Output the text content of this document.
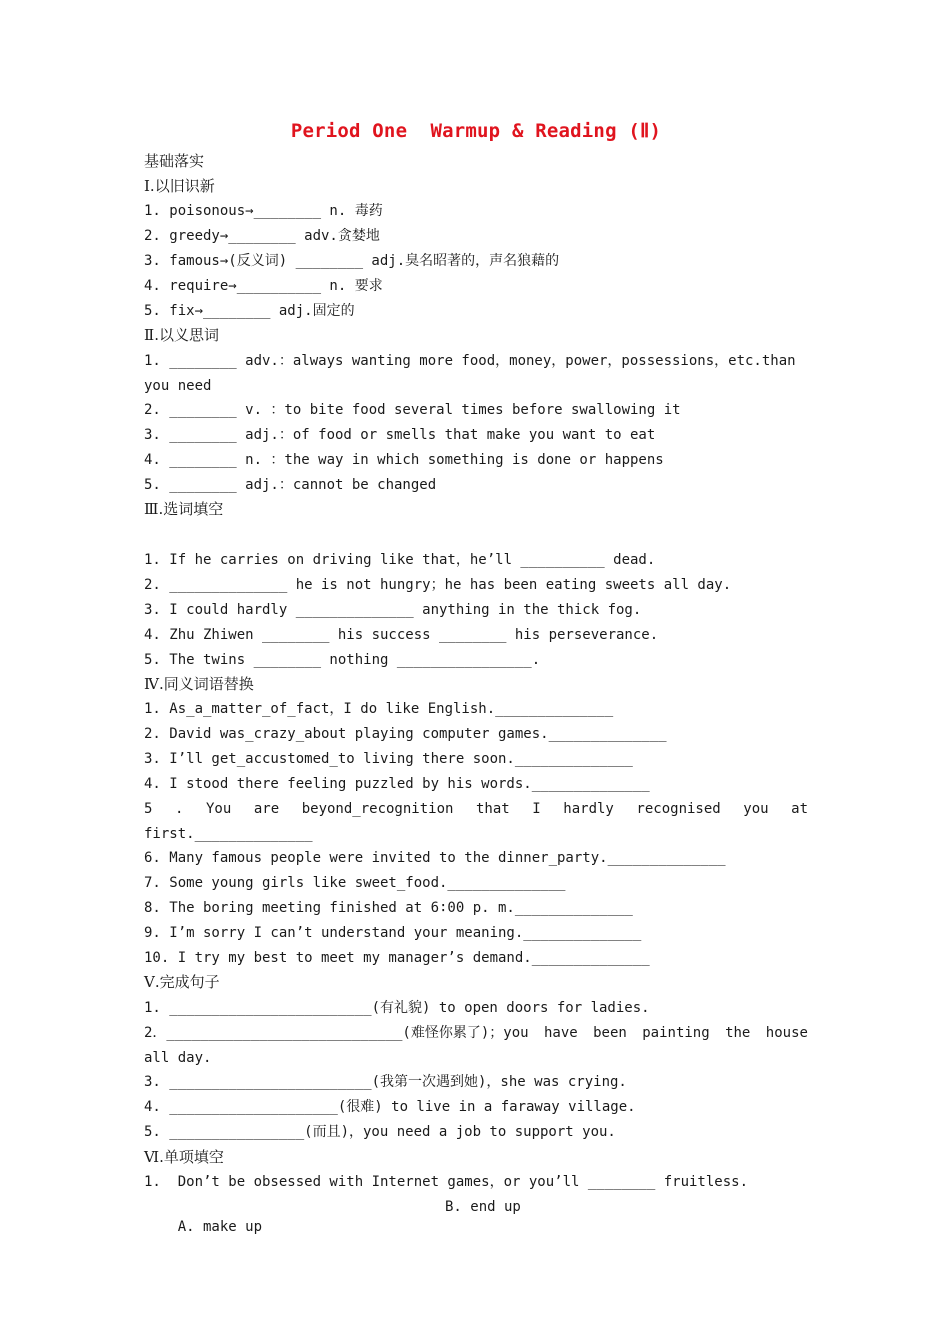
Period One  Warmup & Reading (Ⅱ)
基础落实
Ⅰ.以旧识新
1. poisonous→________ n. 毒药
2. greedy→________ adv.贪婪地
3. famous→(反义词) ________ adj.臭名昭著的，声名狼藉的
4. require→__________ n. 要求
5. fix→________ adj.固定的
Ⅱ.以义思词
1. ________ adv.：always wanting more food，money，power，possessions，etc.than
you need
2. ________ v. ：to bite food several times before swallowing it
3. ________ adj.：of food or smells that make you want to eat
4. ________ n. ：the way in which something is done or happens
5. ________ adj.：cannot be changed
Ⅲ.选词填空
1. If he carries on driving like that，he’ll __________ dead.
2. ______________ he is not hungry；he has been eating sweets all day.
3. I could hardly ______________ anything in the thick fog.
4. Zhu Zhiwen ________ his success ________ his perseverance.
5. The twins ________ nothing ________________.
Ⅳ.同义词语替换
1. As_a_matter_of_fact，I do like English.______________
2. David was_crazy_about playing computer games.______________
3. I’ll get_accustomed_to living there soon.______________
4. I stood there feeling puzzled by his words.______________
5 . You are beyond_recognition that I hardly recognised you at
first.______________
6. Many famous people were invited to the dinner_party.______________
7. Some young girls like sweet_food.______________
8. The boring meeting finished at 6∶00 p. m.______________
9. I’m sorry I can’t understand your meaning.______________
10. I try my best to meet my manager’s demand.______________
Ⅴ.完成句子
1. ________________________(有礼貌) to open doors for ladies.
2．____________________________(难怪你累了)；you have been painting the house
all day.
3. ________________________(我第一次遇到她)，she was crying.
4. ____________________(很难) to live in a faraway village.
5. ________________(而且)，you need a job to support you.
Ⅵ.单项填空
1.  Don’t be obsessed with Internet games，or you’ll ________ fruitless.

A. make up

B. end up
